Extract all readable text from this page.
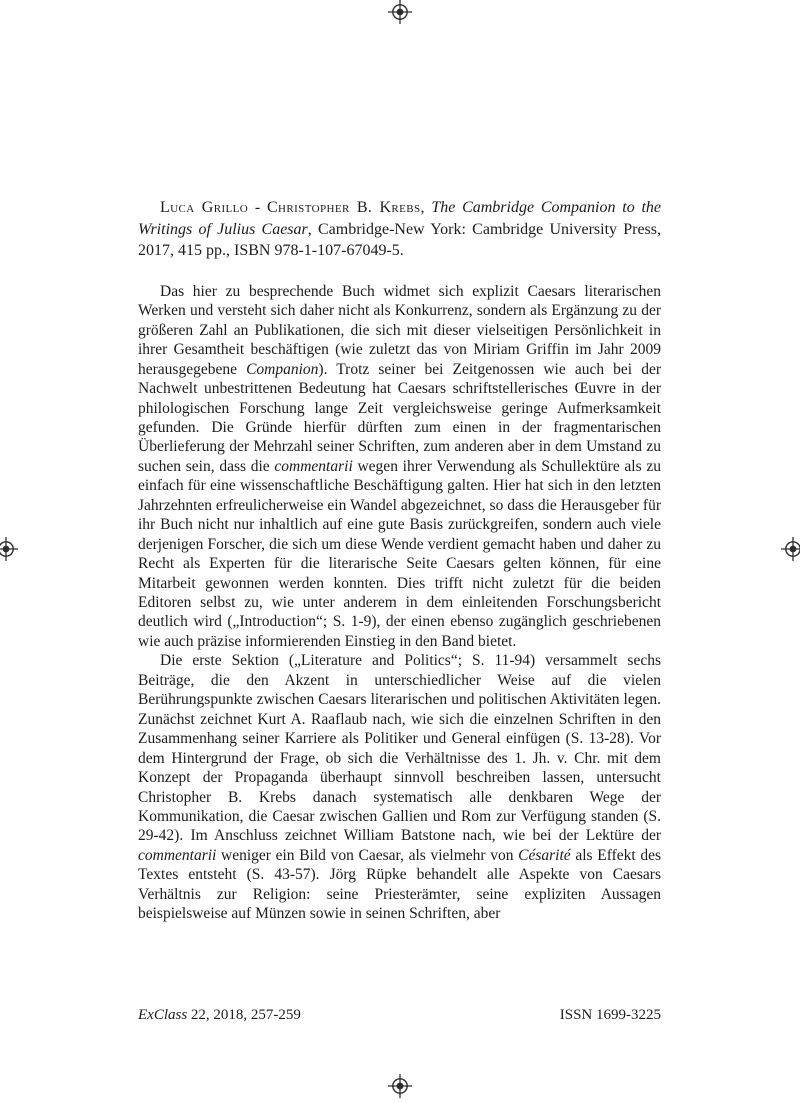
Luca Grillo - Christopher B. Krebs, The Cambridge Companion to the Writings of Julius Caesar, Cambridge-New York: Cambridge University Press, 2017, 415 pp., ISBN 978-1-107-67049-5.

Das hier zu besprechende Buch widmet sich explizit Caesars literarischen Werken und versteht sich daher nicht als Konkurrenz, sondern als Ergänzung zu der größeren Zahl an Publikationen, die sich mit dieser vielseitigen Persönlichkeit in ihrer Gesamtheit beschäftigen (wie zuletzt das von Miriam Griffin im Jahr 2009 herausgegebene Companion). Trotz seiner bei Zeitgenossen wie auch bei der Nachwelt unbestrittenen Bedeutung hat Caesars schriftstellerisches Œuvre in der philologischen Forschung lange Zeit vergleichsweise geringe Aufmerksamkeit gefunden. Die Gründe hierfür dürften zum einen in der fragmentarischen Überlieferung der Mehrzahl seiner Schriften, zum anderen aber in dem Umstand zu suchen sein, dass die commentarii wegen ihrer Verwendung als Schullektüre als zu einfach für eine wissenschaftliche Beschäftigung galten. Hier hat sich in den letzten Jahrzehnten erfreulicherweise ein Wandel abgezeichnet, so dass die Herausgeber für ihr Buch nicht nur inhaltlich auf eine gute Basis zurückgreifen, sondern auch viele derjenigen Forscher, die sich um diese Wende verdient gemacht haben und daher zu Recht als Experten für die literarische Seite Caesars gelten können, für eine Mitarbeit gewonnen werden konnten. Dies trifft nicht zuletzt für die beiden Editoren selbst zu, wie unter anderem in dem einleitenden Forschungsbericht deutlich wird („Introduction“; S. 1-9), der einen ebenso zugänglich geschriebenen wie auch präzise informierenden Einstieg in den Band bietet.

Die erste Sektion („Literature and Politics“; S. 11-94) versammelt sechs Beiträge, die den Akzent in unterschiedlicher Weise auf die vielen Berührungspunkte zwischen Caesars literarischen und politischen Aktivitäten legen. Zunächst zeichnet Kurt A. Raaflaub nach, wie sich die einzelnen Schriften in den Zusammenhang seiner Karriere als Politiker und General einfügen (S. 13-28). Vor dem Hintergrund der Frage, ob sich die Verhältnisse des 1. Jh. v. Chr. mit dem Konzept der Propaganda überhaupt sinnvoll beschreiben lassen, untersucht Christopher B. Krebs danach systematisch alle denkbaren Wege der Kommunikation, die Caesar zwischen Gallien und Rom zur Verfügung standen (S. 29-42). Im Anschluss zeichnet William Batstone nach, wie bei der Lektüre der commentarii weniger ein Bild von Caesar, als vielmehr von Césarité als Effekt des Textes entsteht (S. 43-57). Jörg Rüpke behandelt alle Aspekte von Caesars Verhältnis zur Religion: seine Priesterämter, seine expliziten Aussagen beispielsweise auf Münzen sowie in seinen Schriften, aber

ExClass 22, 2018, 257-259	ISSN 1699-3225
